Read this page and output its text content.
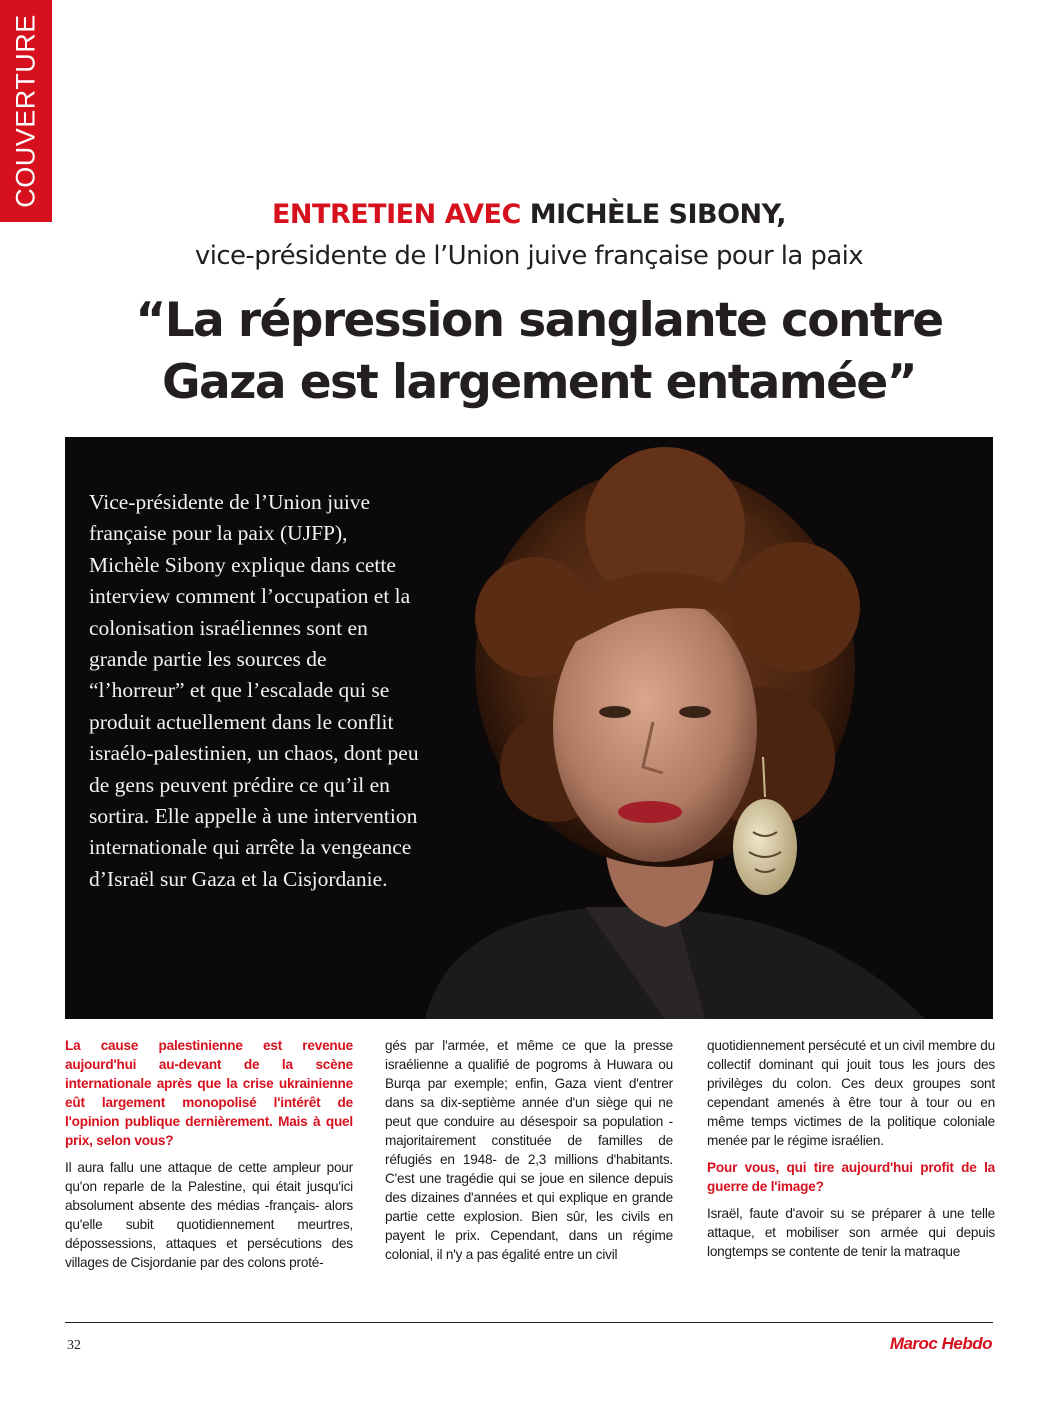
COUVERTURE
ENTRETIEN AVEC MICHÈLE SIBONY,
vice-présidente de l’Union juive française pour la paix
“La répression sanglante contre
Gaza est largement entamée”

Vice-présidente de l’Union juive française pour la paix (UJFP), Michèle Sibony explique dans cette interview comment l’occupation et la colonisation israéliennes sont en grande partie les sources de “l’horreur” et que l’escalade qui se produit actuellement dans le conflit israélo-palestinien, un chaos, dont peu de gens peuvent prédire ce qu’il en sortira. Elle appelle à une intervention internationale qui arrête la vengeance d’Israël sur Gaza et la Cisjordanie.

La cause palestinienne est revenue aujourd'hui au-devant de la scène internationale après que la crise ukrainienne eût largement monopolisé l'intérêt de l'opinion publique dernièrement. Mais à quel prix, selon vous?

Il aura fallu une attaque de cette ampleur pour qu'on reparle de la Palestine, qui était jusqu'ici absolument absente des médias -français- alors qu'elle subit quotidiennement meurtres, dépossessions, attaques et persécutions des villages de Cisjordanie par des colons proté-

gés par l'armée, et même ce que la presse israélienne a qualifié de pogroms à Huwara ou Burqa par exemple; enfin, Gaza vient d'entrer dans sa dix-septième année d'un siège qui ne peut que conduire au désespoir sa population -majoritairement constituée de familles de réfugiés en 1948- de 2,3 millions d'habitants. C'est une tragédie qui se joue en silence depuis des dizaines d'années et qui explique en grande partie cette explosion. Bien sûr, les civils en payent le prix. Cependant, dans un régime colonial, il n'y a pas égalité entre un civil

quotidiennement persécuté et un civil membre du collectif dominant qui jouit tous les jours des privilèges du colon. Ces deux groupes sont cependant amenés à être tour à tour ou en même temps victimes de la politique coloniale menée par le régime israélien.

Pour vous, qui tire aujourd'hui profit de la guerre de l'image?

Israël, faute d'avoir su se préparer à une telle attaque, et mobiliser son armée qui depuis longtemps se contente de tenir la matraque

32	Maroc Hebdo
